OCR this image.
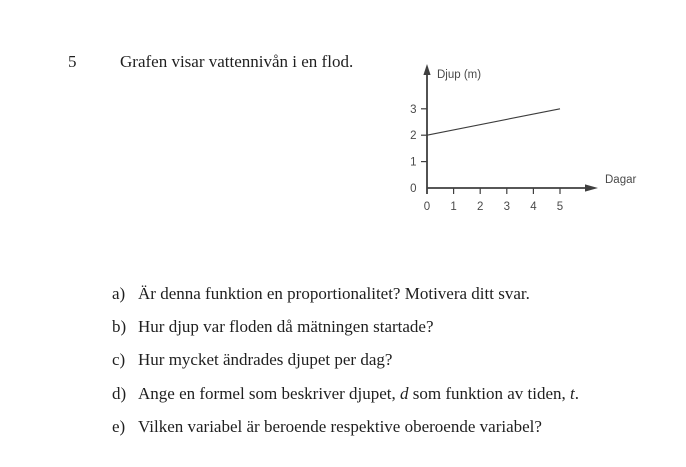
5	Grafen visar vattennivån i en flod.
0 1 2 3 4 5
0
1
2
3
Djup (m)
Dagar
a) Är denna funktion en proportionalitet? Motivera ditt svar.
b) Hur djup var floden då mätningen startade?
c) Hur mycket ändrades djupet per dag?
d) Ange en formel som beskriver djupet, d som funktion av tiden, t.
e) Vilken variabel är beroende respektive oberoende variabel?
